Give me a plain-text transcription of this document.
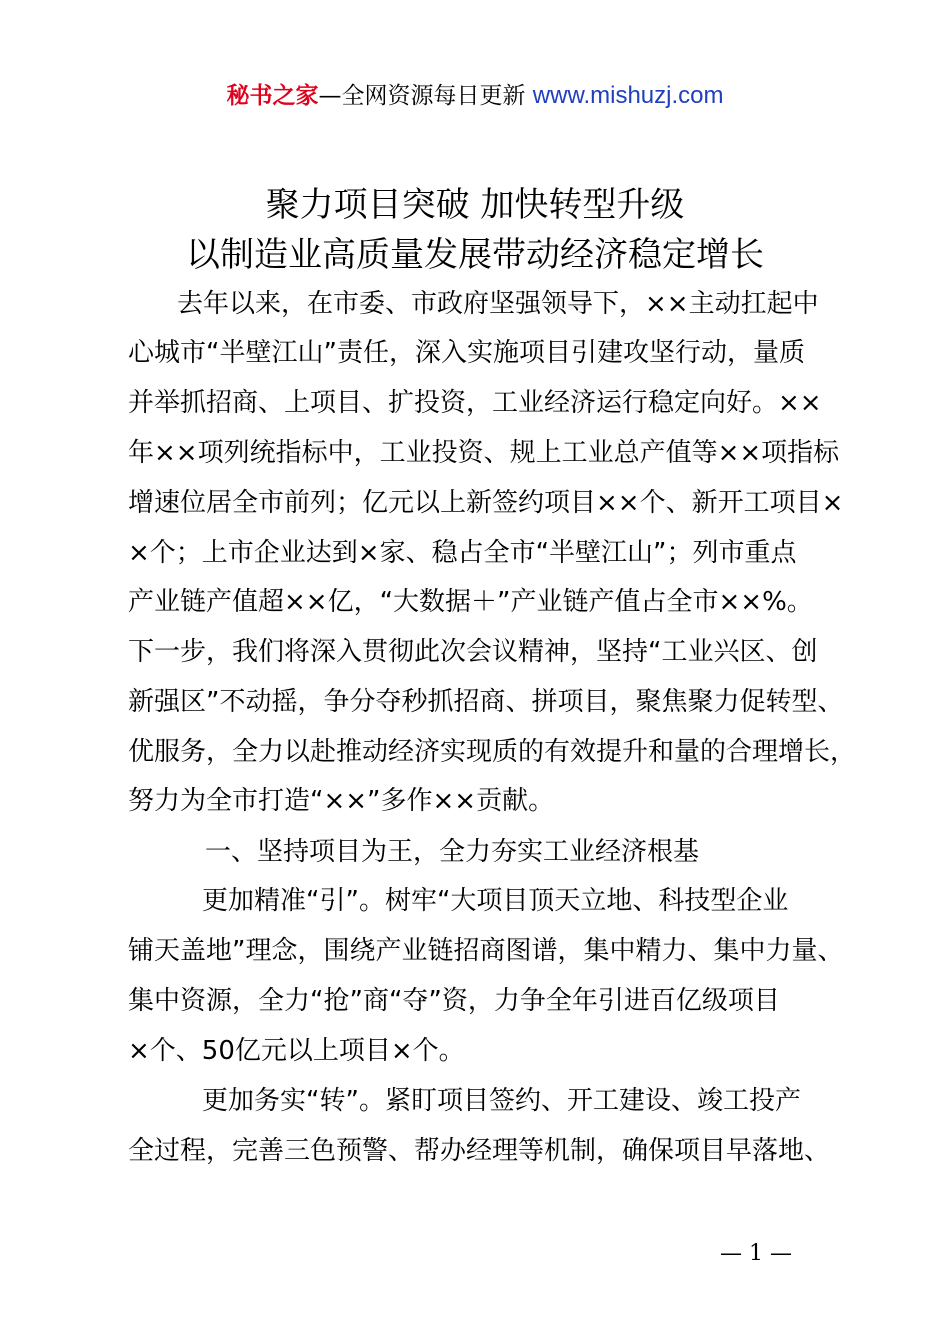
秘书之家—全网资源每日更新 www.mishuzj.com
聚力项目突破 加快转型升级
以制造业高质量发展带动经济稳定增长
去年以来，在市委、市政府坚强领导下，××主动扛起中
心城市“半壁江山”责任，深入实施项目引建攻坚行动，量质
并举抓招商、上项目、扩投资，工业经济运行稳定向好。××
年××项列统指标中，工业投资、规上工业总产值等××项指标
增速位居全市前列；亿元以上新签约项目××个、新开工项目×
×个；上市企业达到×家、稳占全市“半壁江山”；列市重点
产业链产值超××亿，“大数据＋”产业链产值占全市××%。
下一步，我们将深入贯彻此次会议精神，坚持“工业兴区、创
新强区”不动摇，争分夺秒抓招商、拼项目，聚焦聚力促转型、
优服务，全力以赴推动经济实现质的有效提升和量的合理增长，
努力为全市打造“××”多作××贡献。
一、坚持项目为王，全力夯实工业经济根基
更加精准“引”。树牢“大项目顶天立地、科技型企业
铺天盖地”理念，围绕产业链招商图谱，集中精力、集中力量、
集中资源，全力“抢”商“夺”资，力争全年引进百亿级项目
×个、50亿元以上项目×个。
更加务实“转”。紧盯项目签约、开工建设、竣工投产
全过程，完善三色预警、帮办经理等机制，确保项目早落地、
— 1 —
